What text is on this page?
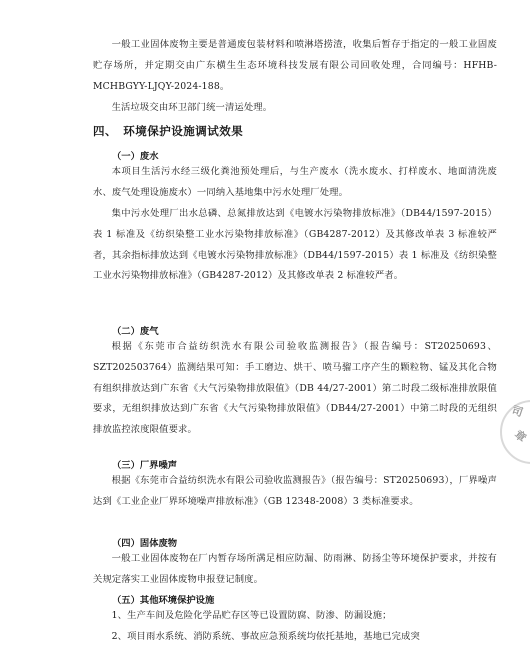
一般工业固体废物主要是普通废包装材料和喷淋塔捞渣，收集后暂存于指定的一般工业固废贮存场所，并定期交由广东横生生态环境科技发展有限公司回收处理，合同编号：HFHB-MCHBGYY-LJQY-2024-188。

生活垃圾交由环卫部门统一清运处理。

四、　环境保护设施调试效果
（一）废水

本项目生活污水经三级化粪池预处理后，与生产废水（洗水废水、打样废水、地面清洗废水、废气处理设施废水）一同纳入基地集中污水处理厂处理。

集中污水处理厂出水总磷、总氮排放达到《电镀水污染物排放标准》（DB44/1597-2015）表 1 标准及《纺织染整工业水污染物排放标准》（GB4287-2012）及其修改单表 3 标准较严者，其余指标排放达到《电镀水污染物排放标准》（DB44/1597-2015）表 1 标准及《纺织染整工业水污染物排放标准》（GB4287-2012）及其修改单表 2 标准较严者。

（二）废气

根据《东莞市合益纺织洗水有限公司验收监测报告》（报告编号：ST20250693、SZT202503764）监测结果可知：手工磨边、烘干、喷马骝工序产生的颗粒物、锰及其化合物有组织排放达到广东省《大气污染物排放限值》（DB 44/27-2001）第二时段二级标准排放限值要求，无组织排放达到广东省《大气污染物排放限值》（DB44/27-2001）中第二时段的无组织排放监控浓度限值要求。

（三）厂界噪声

根据《东莞市合益纺织洗水有限公司验收监测报告》（报告编号：ST20250693），厂界噪声达到《工业企业厂界环境噪声排放标准》（GB 12348-2008）3 类标准要求。

（四）固体废物

一般工业固体废物在厂内暂存场所满足相应防漏、防雨淋、防扬尘等环境保护要求，并按有关规定落实工业固体废物申报登记制度。

（五）其他环境保护设施

1、生产车间及危险化学品贮存区等已设置防腐、防渗、防漏设施；

2、项目雨水系统、消防系统、事故应急预系统均依托基地，基地已完成突

司
章
